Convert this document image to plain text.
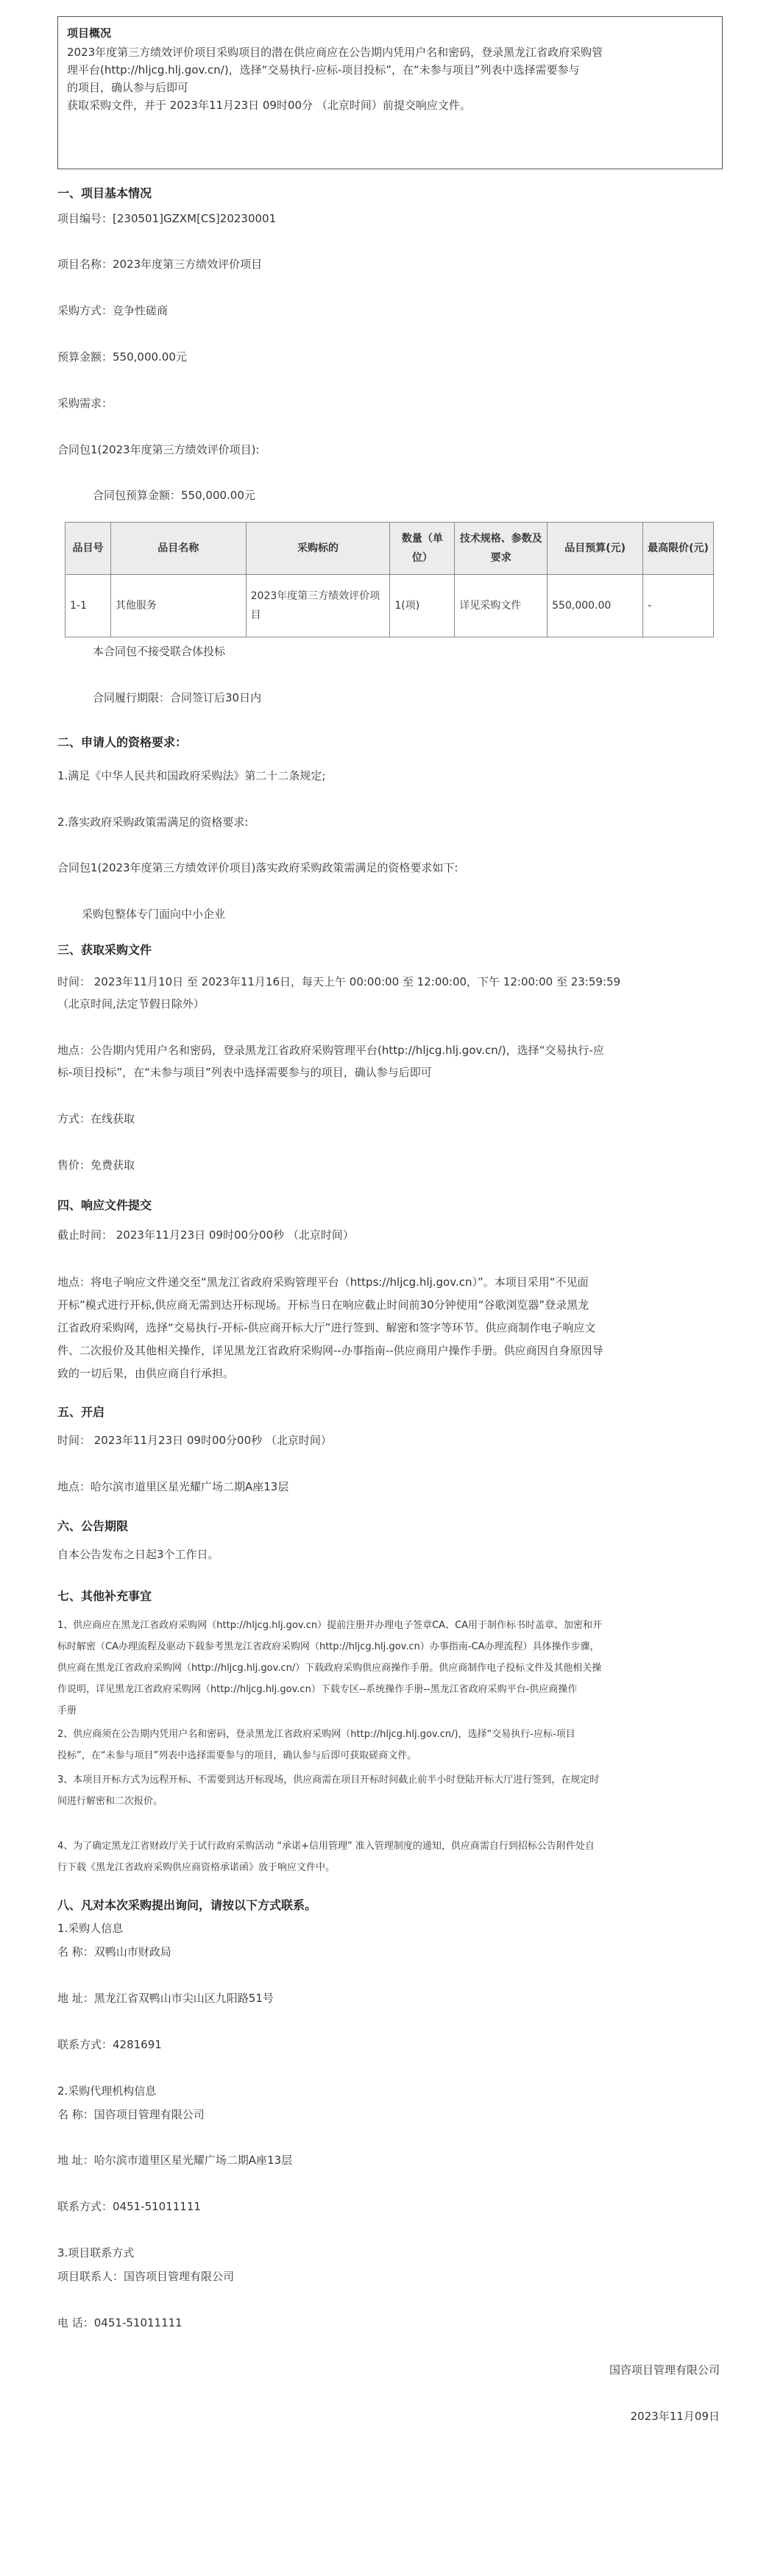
项目概况

2023年度第三方绩效评价项目采购项目的潜在供应商应在公告期内凭用户名和密码，登录黑龙江省政府采购管

理平台(http://hljcg.hlj.gov.cn/)，选择“交易执行-应标-项目投标”，在“未参与项目”列表中选择需要参与

的项目，确认参与后即可

获取采购文件，并于 2023年11月23日 09时00分 （北京时间）前提交响应文件。

一、项目基本情况
项目编号：[230501]GZXM[CS]20230001
项目名称：2023年度第三方绩效评价项目
采购方式：竞争性磋商
预算金额：550,000.00元
采购需求：
合同包1(2023年度第三方绩效评价项目):
合同包预算金额：550,000.00元
品目号	品目名称	采购标的	数量（单位）	技术规格、参数及要求	品目预算(元)	最高限价(元)
1-1	其他服务	2023年度第三方绩效评价项目	1(项)	详见采购文件	550,000.00	-
本合同包不接受联合体投标
合同履行期限：合同签订后30日内
二、申请人的资格要求：
1.满足《中华人民共和国政府采购法》第二十二条规定;
2.落实政府采购政策需满足的资格要求:
合同包1(2023年度第三方绩效评价项目)落实政府采购政策需满足的资格要求如下:
采购包整体专门面向中小企业
三、获取采购文件
时间： 2023年11月10日 至 2023年11月16日，每天上午 00:00:00 至 12:00:00，下午 12:00:00 至 23:59:59
（北京时间,法定节假日除外）
地点：公告期内凭用户名和密码，登录黑龙江省政府采购管理平台(http://hljcg.hlj.gov.cn/)，选择“交易执行-应
标-项目投标”，在“未参与项目”列表中选择需要参与的项目，确认参与后即可
方式：在线获取
售价：免费获取
四、响应文件提交
截止时间： 2023年11月23日 09时00分00秒 （北京时间）
地点：将电子响应文件递交至“黑龙江省政府采购管理平台（https://hljcg.hlj.gov.cn）”。本项目采用“不见面
开标”模式进行开标,供应商无需到达开标现场。开标当日在响应截止时间前30分钟使用“谷歌浏览器”登录黑龙
江省政府采购网，选择“交易执行-开标-供应商开标大厅”进行签到、解密和签字等环节。供应商制作电子响应文
件、二次报价及其他相关操作，详见黑龙江省政府采购网--办事指南--供应商用户操作手册。供应商因自身原因导
致的一切后果，由供应商自行承担。
五、开启
时间： 2023年11月23日 09时00分00秒 （北京时间）
地点：哈尔滨市道里区星光耀广场二期A座13层
六、公告期限
自本公告发布之日起3个工作日。
七、其他补充事宜
1、供应商应在黑龙江省政府采购网（http://hljcg.hlj.gov.cn）提前注册并办理电子签章CA、CA用于制作标书时盖章、加密和开
标时解密（CA办理流程及驱动下载参考黑龙江省政府采购网（http://hljcg.hlj.gov.cn）办事指南-CA办理流程）具体操作步骤，
供应商在黑龙江省政府采购网（http://hljcg.hlj.gov.cn/）下载政府采购供应商操作手册。供应商制作电子投标文件及其他相关操
作说明，详见黑龙江省政府采购网（http://hljcg.hlj.gov.cn）下载专区--系统操作手册--黑龙江省政府采购平台-供应商操作
手册
2、供应商须在公告期内凭用户名和密码，登录黑龙江省政府采购网（http://hljcg.hlj.gov.cn/)，选择“交易执行-应标-项目
投标”，在“未参与项目”列表中选择需要参与的项目，确认参与后即可获取磋商文件。
3、本项目开标方式为远程开标、不需要到达开标现场，供应商需在项目开标时间截止前半小时登陆开标大厅进行签到，在规定时
间进行解密和二次报价。
4、为了确定黑龙江省财政厅关于试行政府采购活动 “承诺+信用管理” 准入管理制度的通知，供应商需自行到招标公告附件处自
行下载《黑龙江省政府采购供应商资格承诺函》放于响应文件中。
八、凡对本次采购提出询问，请按以下方式联系。
1.采购人信息
名 称：双鸭山市财政局
地 址：黑龙江省双鸭山市尖山区九阳路51号
联系方式：4281691
2.采购代理机构信息
名 称：国咨项目管理有限公司
地 址：哈尔滨市道里区星光耀广场二期A座13层
联系方式：0451-51011111
3.项目联系方式
项目联系人：国咨项目管理有限公司
电 话：0451-51011111
国咨项目管理有限公司
2023年11月09日
